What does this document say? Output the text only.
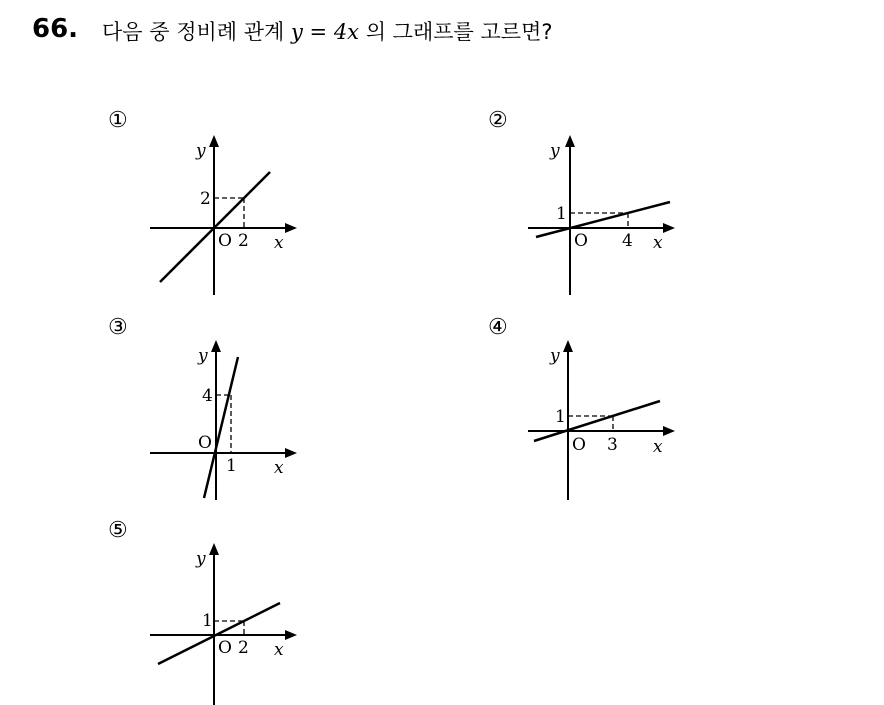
66. 다음 중 정비례 관계 y = 4x 의 그래프를 고르면?
①
y
2
O 2 x
②
y
1
O 4 x
③
y
4
O
1 x
④
y
1
O 3 x
⑤
y
1
O 2 x
